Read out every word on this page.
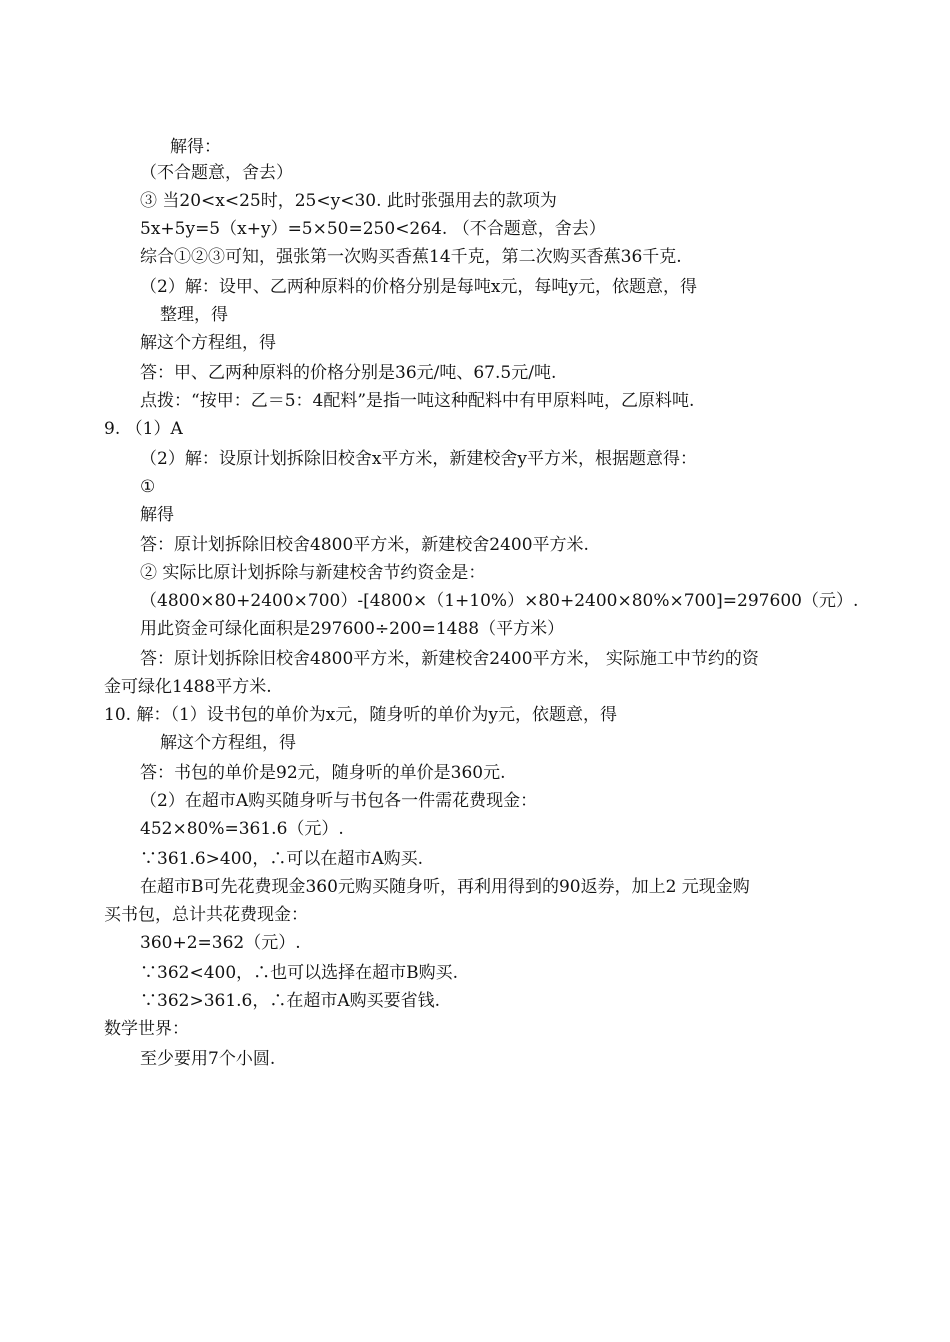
解得：
（不合题意，舍去）
③ 当20<x<25时，25<y<30. 此时张强用去的款项为
5x+5y=5（x+y）=5×50=250<264. （不合题意，舍去）
综合①②③可知，强张第一次购买香蕉14千克，第二次购买香蕉36千克.
（2）解：设甲、乙两种原料的价格分别是每吨x元，每吨y元，依题意，得
整理，得
解这个方程组，得
答：甲、乙两种原料的价格分别是36元/吨、67.5元/吨.
点拨：“按甲：乙＝5：4配料”是指一吨这种配料中有甲原料吨，乙原料吨.
9. （1）A
（2）解：设原计划拆除旧校舍x平方米，新建校舍y平方米，根据题意得：
①
解得
答：原计划拆除旧校舍4800平方米，新建校舍2400平方米.
② 实际比原计划拆除与新建校舍节约资金是：
（4800×80+2400×700）-[4800×（1+10%）×80+2400×80%×700]=297600（元）.
用此资金可绿化面积是297600÷200=1488（平方米）
答：原计划拆除旧校舍4800平方米，新建校舍2400平方米， 实际施工中节约的资
金可绿化1488平方米.
10. 解：（1）设书包的单价为x元，随身听的单价为y元，依题意，得
解这个方程组，得
答：书包的单价是92元，随身听的单价是360元.
（2）在超市A购买随身听与书包各一件需花费现金：
452×80%=361.6（元）.
∵361.6>400，∴可以在超市A购买.
在超市B可先花费现金360元购买随身听，再利用得到的90返券，加上2 元现金购
买书包，总计共花费现金：
360+2=362（元）.
∵362<400，∴也可以选择在超市B购买.
∵362>361.6，∴在超市A购买要省钱.
数学世界：
至少要用7个小圆.
